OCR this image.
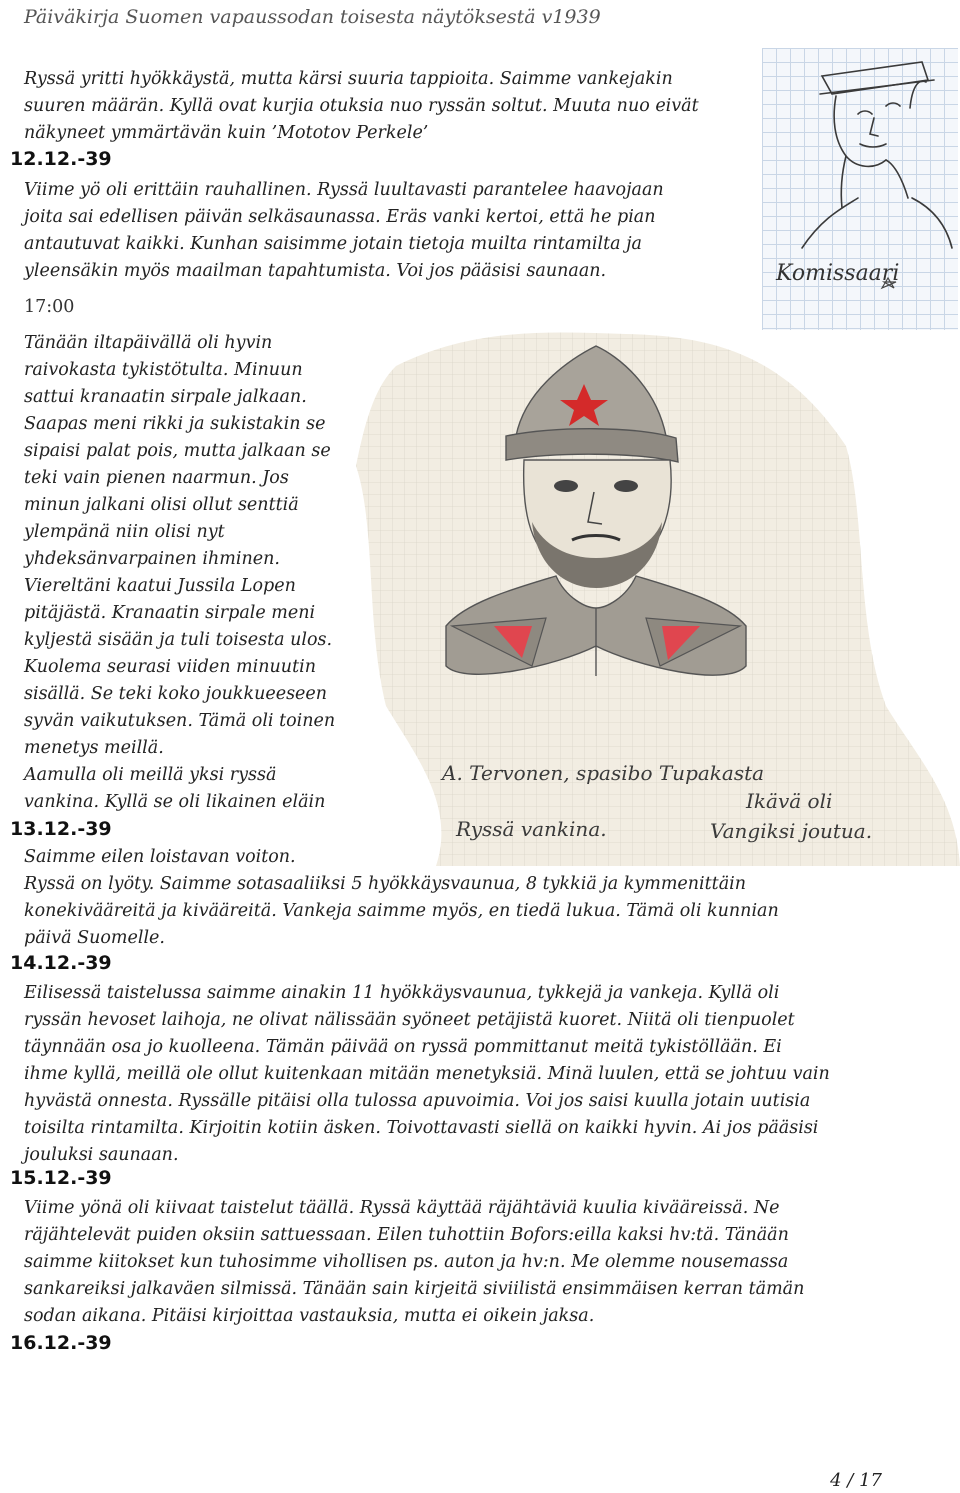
Päiväkirja Suomen vapaussodan toisesta näytöksestä v1939
Ryssä yritti hyökkäystä, mutta kärsi suuria tappioita. Saimme vankejakin
suuren määrän. Kyllä ovat kurjia otuksia nuo ryssän soltut. Muuta nuo eivät
näkyneet ymmärtävän kuin ’Mototov Perkele’
12.12.-39
Viime yö oli erittäin rauhallinen. Ryssä luultavasti parantelee haavojaan
joita sai edellisen päivän selkäsaunassa. Eräs vanki kertoi, että he pian
antautuvat kaikki. Kunhan saisimme jotain tietoja muilta rintamilta ja
yleensäkin myös maailman tapahtumista. Voi jos pääsisi saunaan.
17:00
Tänään iltapäivällä oli hyvin
raivokasta tykistötulta. Minuun
sattui kranaatin sirpale jalkaan.
Saapas meni rikki ja sukistakin se
sipaisi palat pois, mutta jalkaan se
teki vain pienen naarmun. Jos
minun jalkani olisi ollut senttiä
ylempänä niin olisi nyt
yhdeksänvarpainen ihminen.
Viereltäni kaatui Jussila Lopen
pitäjästä. Kranaatin sirpale meni
kyljestä sisään ja tuli toisesta ulos.
Kuolema seurasi viiden minuutin
sisällä. Se teki koko joukkueeseen
syvän vaikutuksen. Tämä oli toinen
menetys meillä.
Aamulla oli meillä yksi ryssä
vankina. Kyllä se oli likainen eläin
Komissaari
A. Tervonen, spasibo Tupakasta
Ryssä vankina.
Ikävä oli
Vangiksi joutua.
13.12.-39
Saimme eilen loistavan voiton.
Ryssä on lyöty. Saimme sotasaaliiksi 5 hyökkäysvaunua, 8 tykkiä ja kymmenittäin
konekivääreitä ja kivääreitä. Vankeja saimme myös, en tiedä lukua. Tämä oli kunnian
päivä Suomelle.
14.12.-39
Eilisessä taistelussa saimme ainakin 11 hyökkäysvaunua, tykkejä ja vankeja. Kyllä oli
ryssän hevoset laihoja, ne olivat nälissään syöneet petäjistä kuoret. Niitä oli tienpuolet
täynnään osa jo kuolleena. Tämän päivää on ryssä pommittanut meitä tykistöllään. Ei
ihme kyllä, meillä ole ollut kuitenkaan mitään menetyksiä. Minä luulen, että se johtuu vain
hyvästä onnesta. Ryssälle pitäisi olla tulossa apuvoimia. Voi jos saisi kuulla jotain uutisia
toisilta rintamilta. Kirjoitin kotiin äsken. Toivottavasti siellä on kaikki hyvin. Ai jos pääsisi
jouluksi saunaan.
15.12.-39
Viime yönä oli kiivaat taistelut täällä. Ryssä käyttää räjähtäviä kuulia kivääreissä. Ne
räjähtelevät puiden oksiin sattuessaan. Eilen tuhottiin Bofors:eilla kaksi hv:tä. Tänään
saimme kiitokset kun tuhosimme vihollisen ps. auton ja hv:n. Me olemme nousemassa
sankareiksi jalkaväen silmissä. Tänään sain kirjeitä siviilistä ensimmäisen kerran tämän
sodan aikana. Pitäisi kirjoittaa vastauksia, mutta ei oikein jaksa.
16.12.-39
4 / 17
